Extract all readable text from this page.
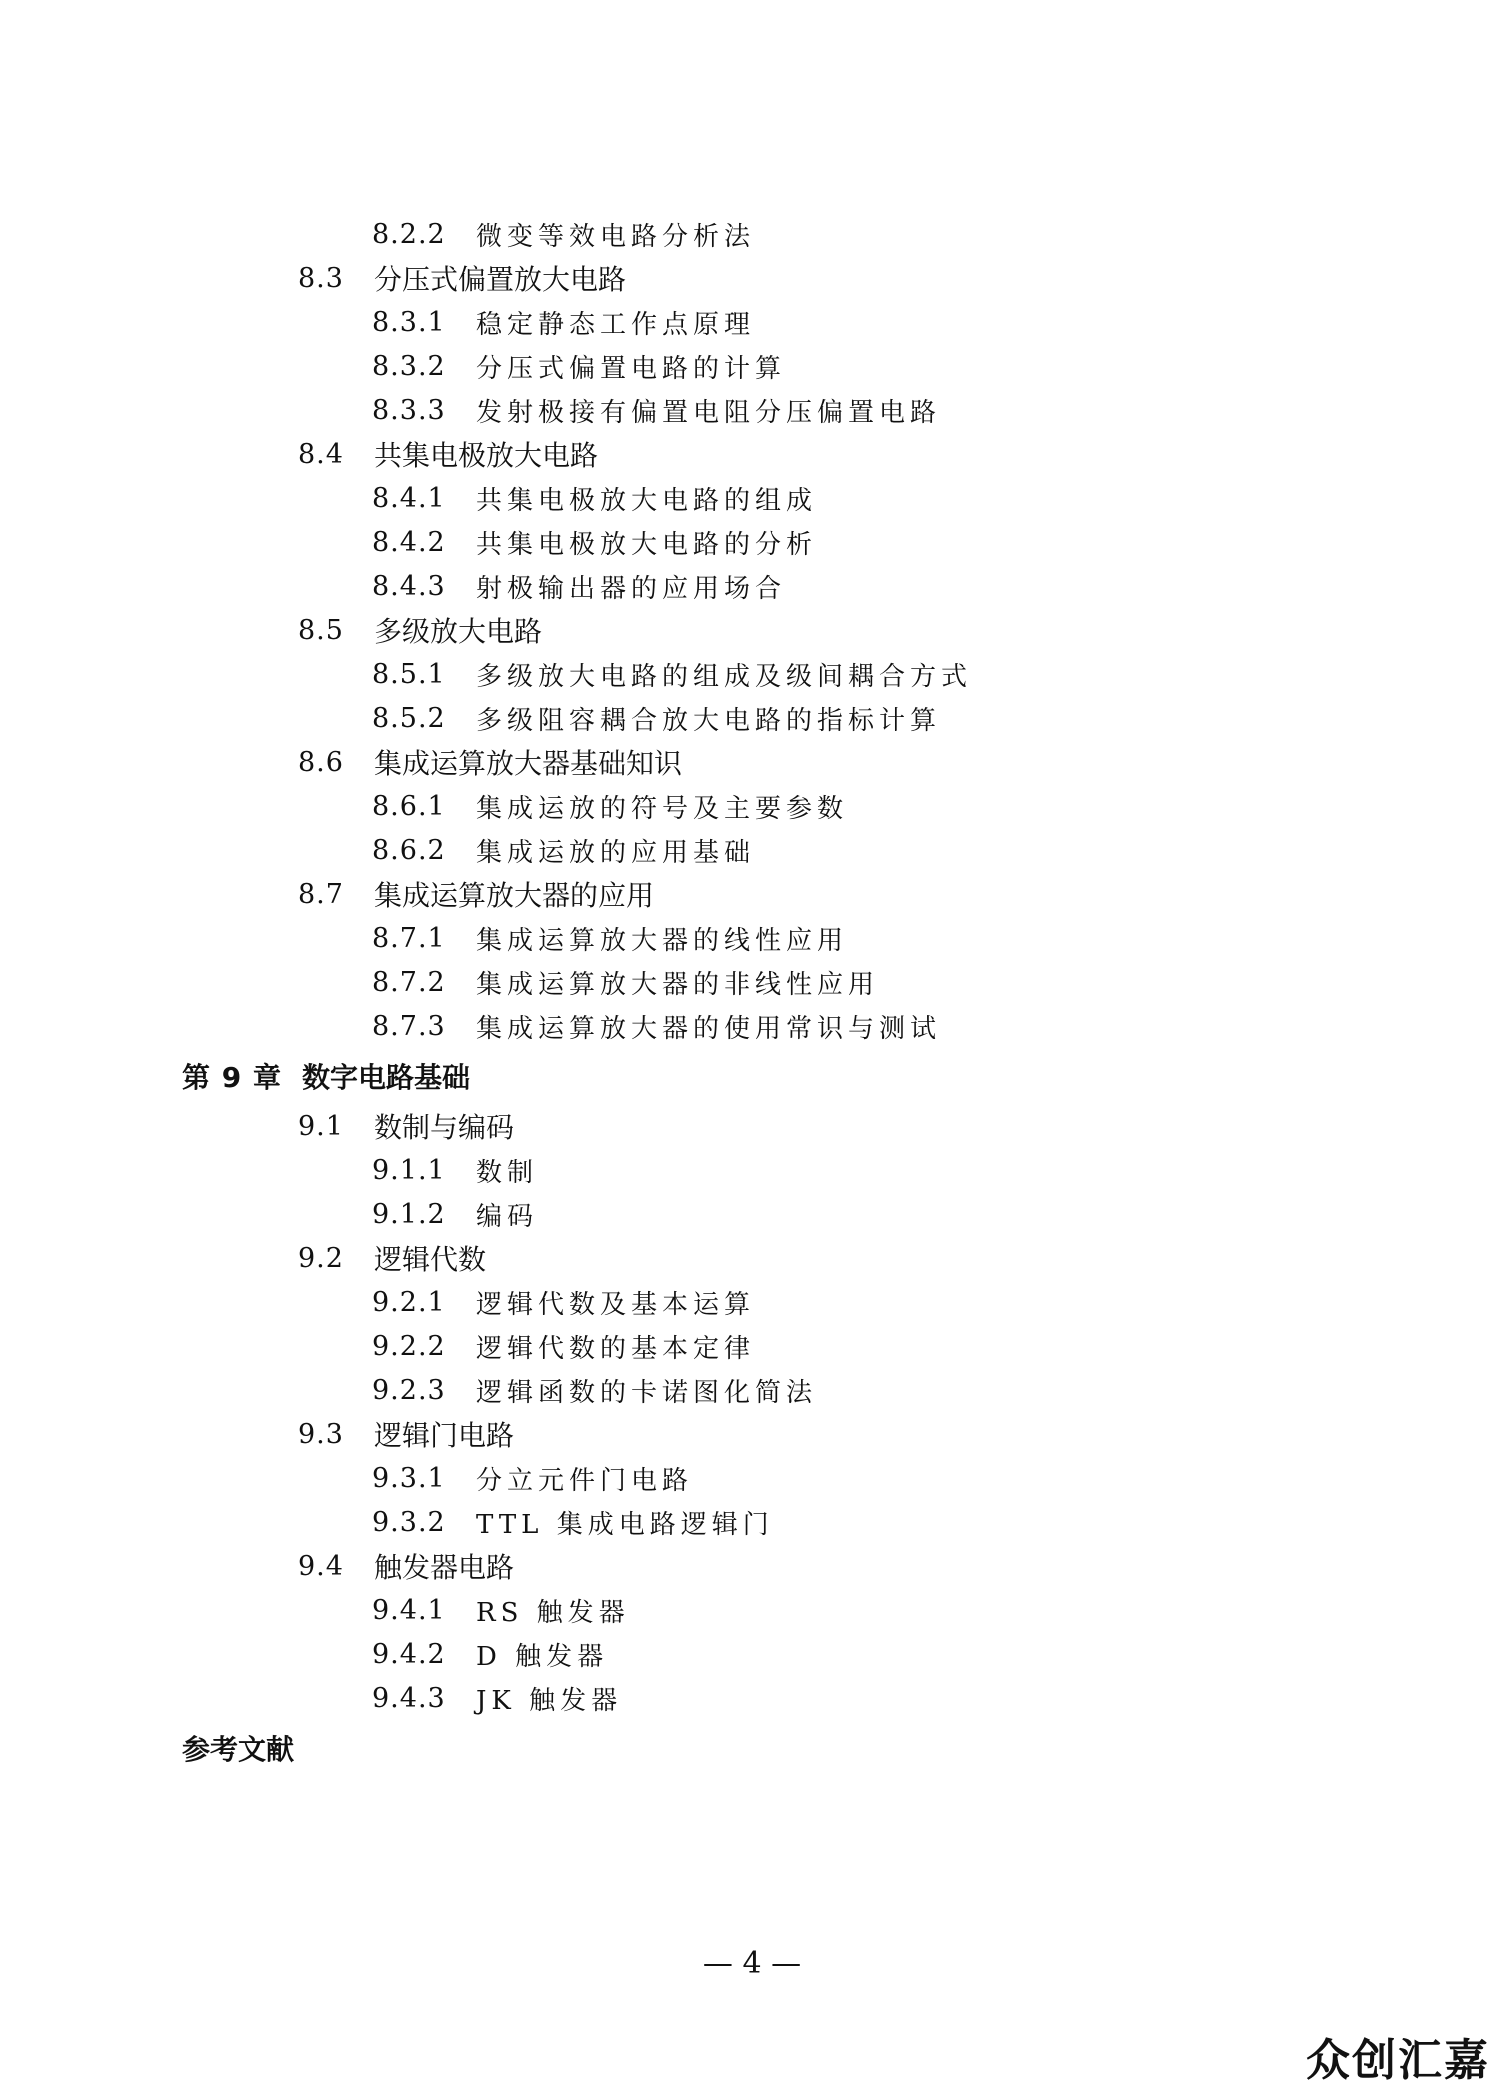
8.2.2 微变等效电路分析法
8.3 分压式偏置放大电路
8.3.1 稳定静态工作点原理
8.3.2 分压式偏置电路的计算
8.3.3 发射极接有偏置电阻分压偏置电路
8.4 共集电极放大电路
8.4.1 共集电极放大电路的组成
8.4.2 共集电极放大电路的分析
8.4.3 射极输出器的应用场合
8.5 多级放大电路
8.5.1 多级放大电路的组成及级间耦合方式
8.5.2 多级阻容耦合放大电路的指标计算
8.6 集成运算放大器基础知识
8.6.1 集成运放的符号及主要参数
8.6.2 集成运放的应用基础
8.7 集成运算放大器的应用
8.7.1 集成运算放大器的线性应用
8.7.2 集成运算放大器的非线性应用
8.7.3 集成运算放大器的使用常识与测试
第 9 章 数字电路基础
9.1 数制与编码
9.1.1 数制
9.1.2 编码
9.2 逻辑代数
9.2.1 逻辑代数及基本运算
9.2.2 逻辑代数的基本定律
9.2.3 逻辑函数的卡诺图化简法
9.3 逻辑门电路
9.3.1 分立元件门电路
9.3.2 TTL 集成电路逻辑门
9.4 触发器电路
9.4.1 RS 触发器
9.4.2 D 触发器
9.4.3 JK 触发器
参考文献
— 4 —
众创汇嘉
